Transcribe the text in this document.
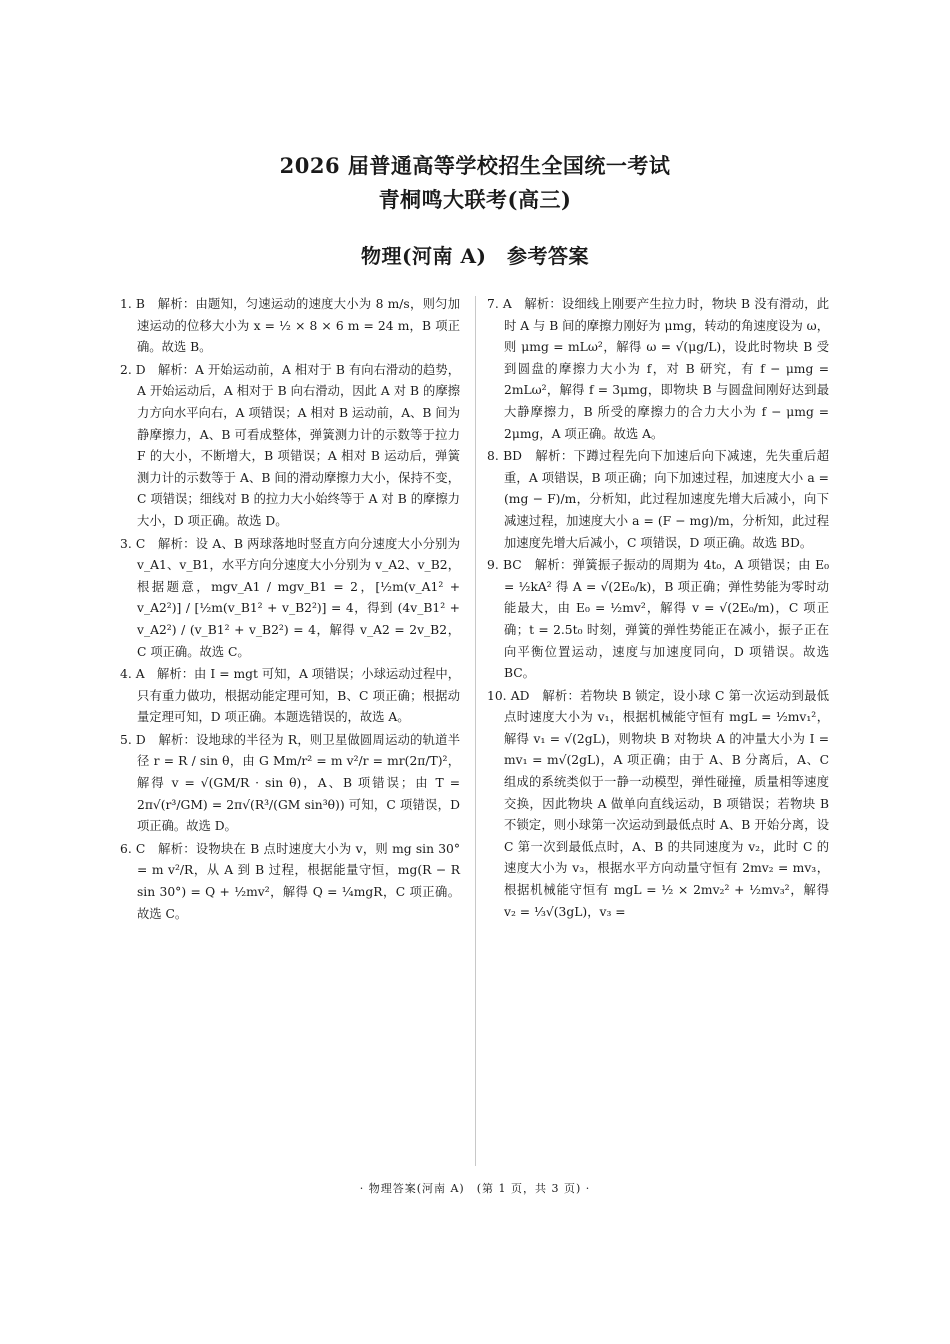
2026 届普通高等学校招生全国统一考试
青桐鸣大联考(高三)
物理(河南 A)　参考答案

1. B　解析：由题知，匀速运动的速度大小为 8 m/s，则匀加速运动的位移大小为 x = ½ × 8 × 6 m = 24 m，B 项正确。故选 B。

2. D　解析：A 开始运动前，A 相对于 B 有向右滑动的趋势，A 开始运动后，A 相对于 B 向右滑动，因此 A 对 B 的摩擦力方向水平向右，A 项错误；A 相对 B 运动前，A、B 间为静摩擦力，A、B 可看成整体，弹簧测力计的示数等于拉力 F 的大小，不断增大，B 项错误；A 相对 B 运动后，弹簧测力计的示数等于 A、B 间的滑动摩擦力大小，保持不变，C 项错误；细线对 B 的拉力大小始终等于 A 对 B 的摩擦力大小，D 项正确。故选 D。

3. C　解析：设 A、B 两球落地时竖直方向分速度大小分别为 v_A1、v_B1，水平方向分速度大小分别为 v_A2、v_B2，根据题意，mgv_A1 / mgv_B1 = 2，[½m(v_A1² + v_A2²)] / [½m(v_B1² + v_B2²)] = 4，得到 (4v_B1² + v_A2²) / (v_B1² + v_B2²) = 4，解得 v_A2 = 2v_B2，C 项正确。故选 C。

4. A　解析：由 I = mgt 可知，A 项错误；小球运动过程中，只有重力做功，根据动能定理可知，B、C 项正确；根据动量定理可知，D 项正确。本题选错误的，故选 A。

5. D　解析：设地球的半径为 R，则卫星做圆周运动的轨道半径 r = R / sin θ，由 G Mm/r² = m v²/r = mr(2π/T)²，解得 v = √(GM/R · sin θ)，A、B 项错误；由 T = 2π√(r³/GM) = 2π√(R³/(GM sin³θ)) 可知，C 项错误，D 项正确。故选 D。

6. C　解析：设物块在 B 点时速度大小为 v，则 mg sin 30° = m v²/R，从 A 到 B 过程，根据能量守恒，mg(R − R sin 30°) = Q + ½mv²，解得 Q = ¼mgR，C 项正确。故选 C。

7. A　解析：设细线上刚要产生拉力时，物块 B 没有滑动，此时 A 与 B 间的摩擦力刚好为 μmg，转动的角速度设为 ω，则 μmg = mLω²，解得 ω = √(μg/L)，设此时物块 B 受到圆盘的摩擦力大小为 f，对 B 研究，有 f − μmg = 2mLω²，解得 f = 3μmg，即物块 B 与圆盘间刚好达到最大静摩擦力，B 所受的摩擦力的合力大小为 f − μmg = 2μmg，A 项正确。故选 A。

8. BD　解析：下蹲过程先向下加速后向下减速，先失重后超重，A 项错误，B 项正确；向下加速过程，加速度大小 a = (mg − F)/m，分析知，此过程加速度先增大后减小，向下减速过程，加速度大小 a = (F − mg)/m，分析知，此过程加速度先增大后减小，C 项错误，D 项正确。故选 BD。

9. BC　解析：弹簧振子振动的周期为 4t₀，A 项错误；由 E₀ = ½kA² 得 A = √(2E₀/k)，B 项正确；弹性势能为零时动能最大，由 E₀ = ½mv²，解得 v = √(2E₀/m)，C 项正确；t = 2.5t₀ 时刻，弹簧的弹性势能正在减小，振子正在向平衡位置运动，速度与加速度同向，D 项错误。故选 BC。

10. AD　解析：若物块 B 锁定，设小球 C 第一次运动到最低点时速度大小为 v₁，根据机械能守恒有 mgL = ½mv₁²，解得 v₁ = √(2gL)，则物块 B 对物块 A 的冲量大小为 I = mv₁ = m√(2gL)，A 项正确；由于 A、B 分离后，A、C 组成的系统类似于一静一动模型，弹性碰撞，质量相等速度交换，因此物块 A 做单向直线运动，B 项错误；若物块 B 不锁定，则小球第一次运动到最低点时 A、B 开始分离，设 C 第一次到最低点时，A、B 的共同速度为 v₂，此时 C 的速度大小为 v₃，根据水平方向动量守恒有 2mv₂ = mv₃，根据机械能守恒有 mgL = ½ × 2mv₂² + ½mv₃²，解得 v₂ = ⅓√(3gL)，v₃ =

· 物理答案(河南 A)　(第 1 页，共 3 页) ·
